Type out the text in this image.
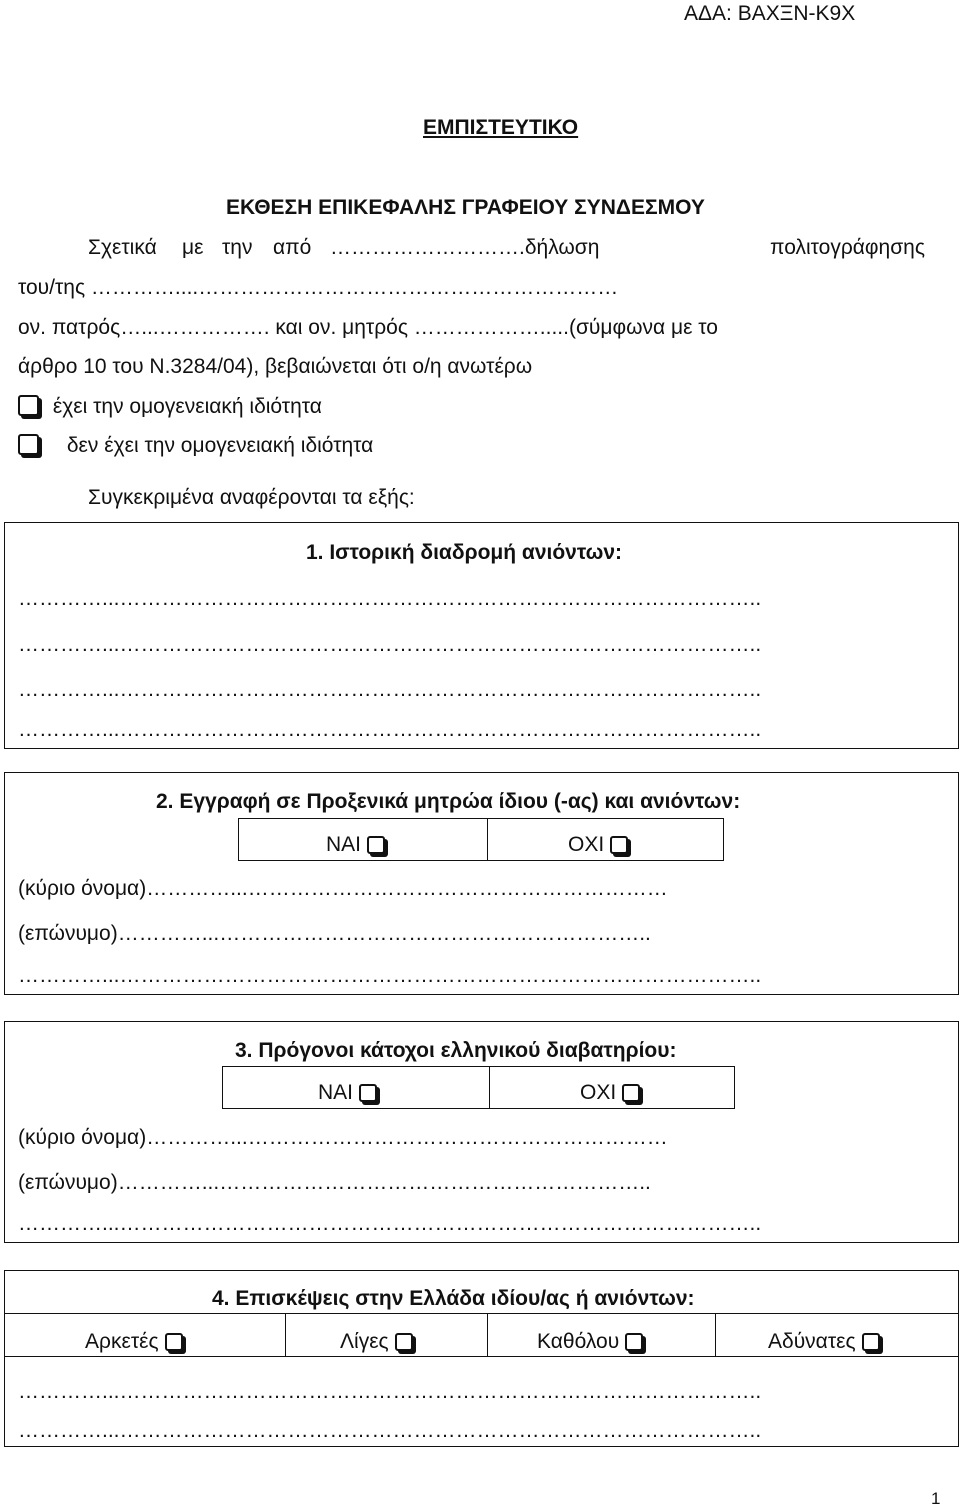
ΑΔΑ: ΒΑΧΞΝ-Κ9Χ
ΕΜΠΙΣΤΕΥΤΙΚΟ
ΕΚΘΕΣΗ ΕΠΙΚΕΦΑΛΗΣ ΓΡΑΦΕΙΟΥ ΣΥΝΔΕΣΜΟΥ
Σχετικά με την από ……………………….δήλωση	πολιτογράφησης
του/της …………....……………………………………………………
ον. πατρός…...……………. και ον. μητρός ……………….....(σύμφωνα με το
άρθρο 10 του Ν.3284/04), βεβαιώνεται ότι ο/η ανωτέρω
έχει την ομογενειακή ιδιότητα
δεν έχει την ομογενειακή ιδιότητα
Συγκεκριμένα αναφέρονται τα εξής:
1. Ιστορική διαδρομή ανιόντων:
…………...………………………………………………………………………………..
…………...………………………………………………………………………………..
…………...………………………………………………………………………………..
…………...………………………………………………………………………………..
2. Εγγραφή σε Προξενικά μητρώα ίδιου (-ας) και ανιόντων:
ΝΑΙ	ΟΧΙ
(κύριο όνομα)…………...……………………………………………………
(επώνυμο)…………...……………………………………………………..
…………...………………………………………………………………………………..
3. Πρόγονοι κάτοχοι ελληνικού διαβατηρίου:
ΝΑΙ	ΟΧΙ
(κύριο όνομα)…………...……………………………………………………
(επώνυμο)…………...……………………………………………………..
…………...………………………………………………………………………………..
4. Επισκέψεις στην Ελλάδα ιδίου/ας ή ανιόντων:
Αρκετές	Λίγες	Καθόλου	Αδύνατες
…………...………………………………………………………………………………..
…………...………………………………………………………………………………..
1
